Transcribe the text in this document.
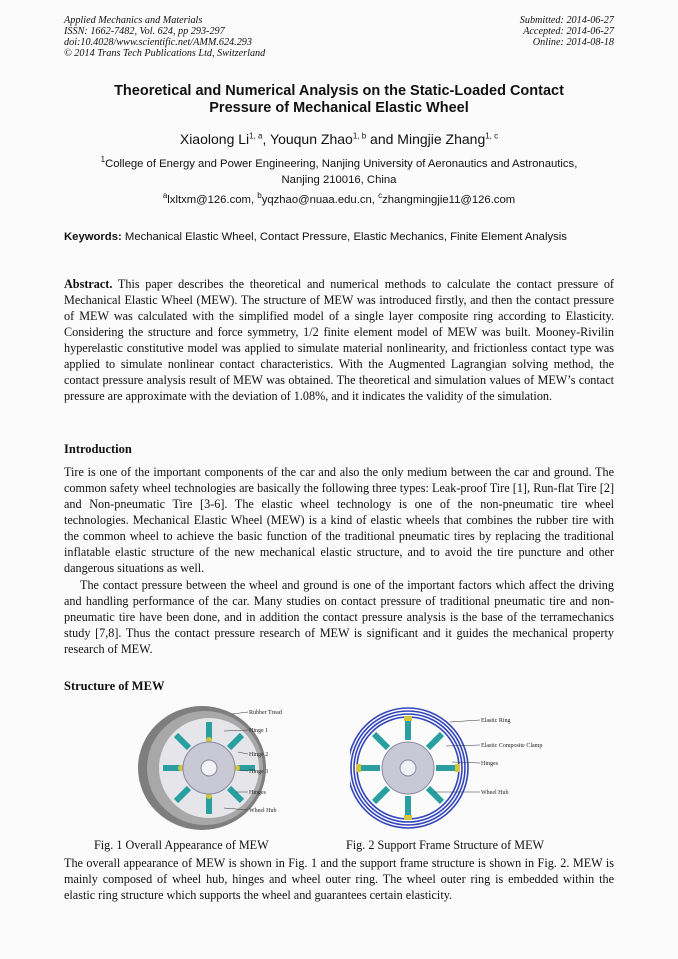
Applied Mechanics and Materials
ISSN: 1662-7482, Vol. 624, pp 293-297
doi:10.4028/www.scientific.net/AMM.624.293
© 2014 Trans Tech Publications Ltd, Switzerland
Submitted: 2014-06-27
Accepted: 2014-06-27
Online: 2014-08-18
Theoretical and Numerical Analysis on the Static-Loaded Contact
Pressure of Mechanical Elastic Wheel
Xiaolong Li$^{1, a}$, Youqun Zhao$^{1, b}$ and Mingjie Zhang$^{1, c}$
$^1$College of Energy and Power Engineering, Nanjing University of Aeronautics and Astronautics,
Nanjing 210016, China
$^a$lxltxm@126.com, $^b$yqzhao@nuaa.edu.cn, $^c$zhangmingjie11@126.com
Keywords: Mechanical Elastic Wheel, Contact Pressure, Elastic Mechanics, Finite Element Analysis
Abstract. This paper describes the theoretical and numerical methods to calculate the contact pressure of Mechanical Elastic Wheel (MEW). The structure of MEW was introduced firstly, and then the contact pressure of MEW was calculated with the simplified model of a single layer composite ring according to Elasticity. Considering the structure and force symmetry, 1/2 finite element model of MEW was built. Mooney-Rivilin hyperelastic constitutive model was applied to simulate material nonlinearity, and frictionless contact type was applied to simulate nonlinear contact characteristics. With the Augmented Lagrangian solving method, the contact pressure analysis result of MEW was obtained. The theoretical and simulation values of MEW’s contact pressure are approximate with the deviation of 1.08%, and it indicates the validity of the simulation.
Introduction
Tire is one of the important components of the car and also the only medium between the car and ground. The common safety wheel technologies are basically the following three types: Leak-proof Tire [1], Run-flat Tire [2] and Non-pneumatic Tire [3-6]. The elastic wheel technology is one of the non-pneumatic tire wheel technologies. Mechanical Elastic Wheel (MEW) is a kind of elastic wheels that combines the rubber tire with the common wheel to achieve the basic function of the traditional pneumatic tires by replacing the traditional inflatable elastic structure of the new mechanical elastic structure, and to avoid the tire puncture and other dangerous situations as well.
The contact pressure between the wheel and ground is one of the important factors which affect the driving and handling performance of the car. Many studies on contact pressure of traditional pneumatic tire and non-pneumatic tire have been done, and in addition the contact pressure analysis is the base of the terramechanics study [7,8]. Thus the contact pressure research of MEW is significant and it guides the mechanical property research of MEW.
Structure of MEW
Rubber Tread
Hinge 1
Hinge 2
Hinge 3
Hinges
Wheel Hub
Elastic Ring
Elastic Composite Clamp
Hinges
Wheel Hub
Fig. 1 Overall Appearance of MEW	Fig. 2 Support Frame Structure of MEW
The overall appearance of MEW is shown in Fig. 1 and the support frame structure is shown in Fig. 2. MEW is mainly composed of wheel hub, hinges and wheel outer ring. The wheel outer ring is embedded within the elastic ring structure which supports the wheel and guarantees certain elasticity.
